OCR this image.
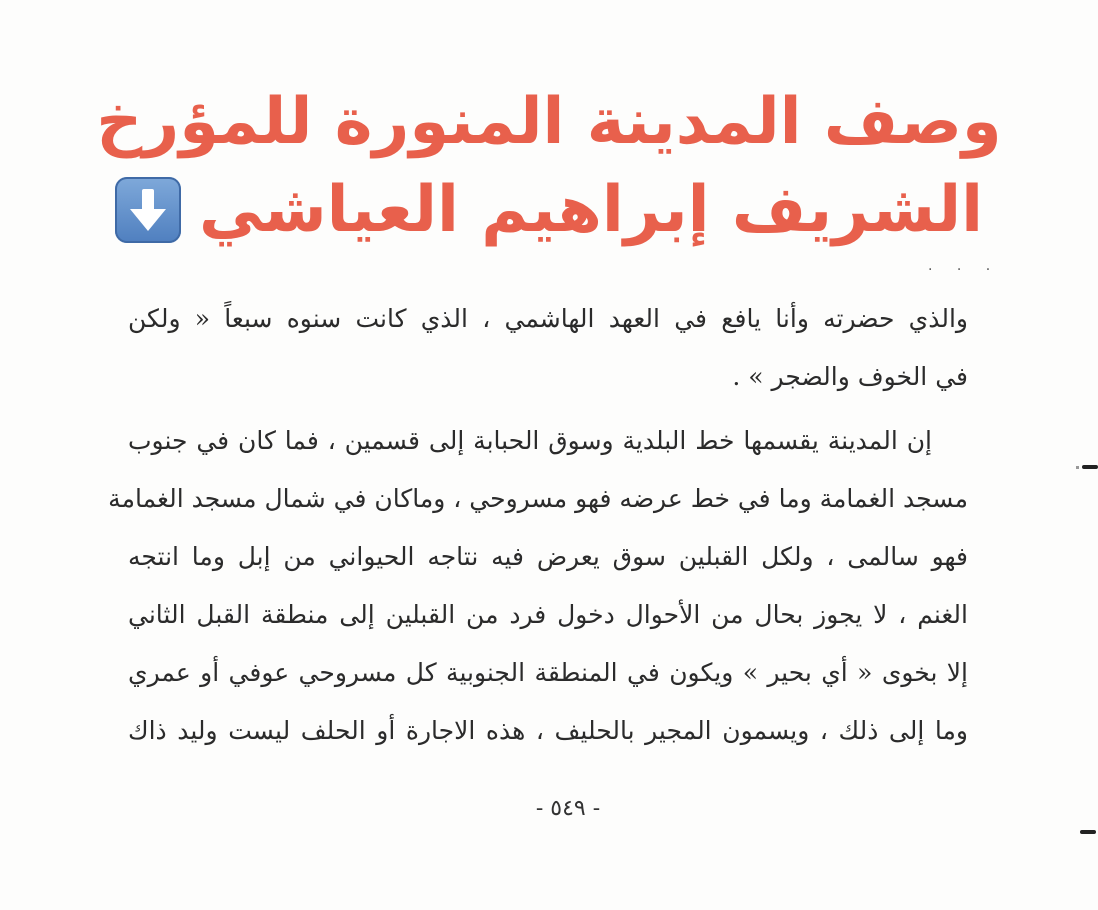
وصف المدينة المنورة للمؤرخ
الشريف إبراهيم العياشي
. . .
والذي حضرته وأنا يافع في العهد الهاشمي ، الذي كانت سنوه سبعاً « ولكن
في الخوف والضجر » .
إن المدينة يقسمها خط البلدية وسوق الحبابة إلى قسمين ، فما كان في جنوب
مسجد الغمامة وما في خط عرضه فهو مسروحي ، وماكان في شمال مسجد الغمامة
فهو سالمى ، ولكل القبلين سوق يعرض فيه نتاجه الحيواني من إبل وما انتجه
الغنم ، لا يجوز بحال من الأحوال دخول فرد من القبلين إلى منطقة القبل الثاني
إلا بخوى « أي بحير » ويكون في المنطقة الجنوبية كل مسروحي عوفي أو عمري
وما إلى ذلك ، ويسمون المجير بالحليف ، هذه الاجارة أو الحلف ليست وليد ذاك
- ٥٤٩ -
